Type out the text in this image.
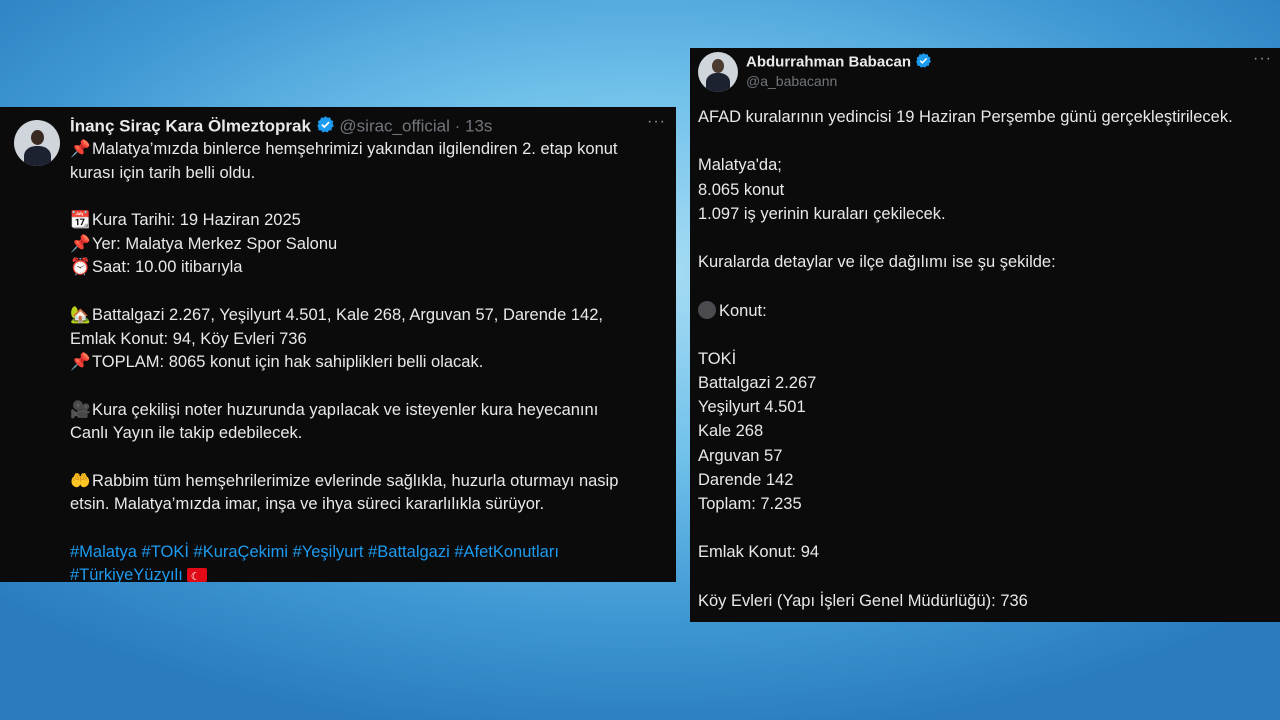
İnanç Siraç Kara Ölmeztoprak @sirac_official · 13s	···
📌Malatya’mızda binlerce hemşehrimizi yakından ilgilendiren 2. etap konut
kurası için tarih belli oldu.
📆Kura Tarihi: 19 Haziran 2025
📌Yer: Malatya Merkez Spor Salonu
⏰Saat: 10.00 itibarıyla
🏡Battalgazi 2.267, Yeşilyurt 4.501, Kale 268, Arguvan 57, Darende 142,
Emlak Konut: 94, Köy Evleri 736
📌TOPLAM: 8065 konut için hak sahiplikleri belli olacak.
🎥Kura çekilişi noter huzurunda yapılacak ve isteyenler kura heyecanını
Canlı Yayın ile takip edebilecek.
🤲Rabbim tüm hemşehrilerimize evlerinde sağlıkla, huzurla oturmayı nasip
etsin. Malatya’mızda imar, inşa ve ihya süreci kararlılıkla sürüyor.
#Malatya #TOKİ #KuraÇekimi #Yeşilyurt #Battalgazi #AfetKonutları
#TürkiyeYüzyılı☾
Abdurrahman Babacan
@a_babacann
···
AFAD kuralarının yedincisi 19 Haziran Perşembe günü gerçekleştirilecek.
Malatya'da;
8.065 konut
1.097 iş yerinin kuraları çekilecek.
Kuralarda detaylar ve ilçe dağılımı ise şu şekilde:
Konut:
TOKİ
Battalgazi 2.267
Yeşilyurt 4.501
Kale 268
Arguvan 57
Darende 142
Toplam: 7.235
Emlak Konut: 94
Köy Evleri (Yapı İşleri Genel Müdürlüğü): 736
